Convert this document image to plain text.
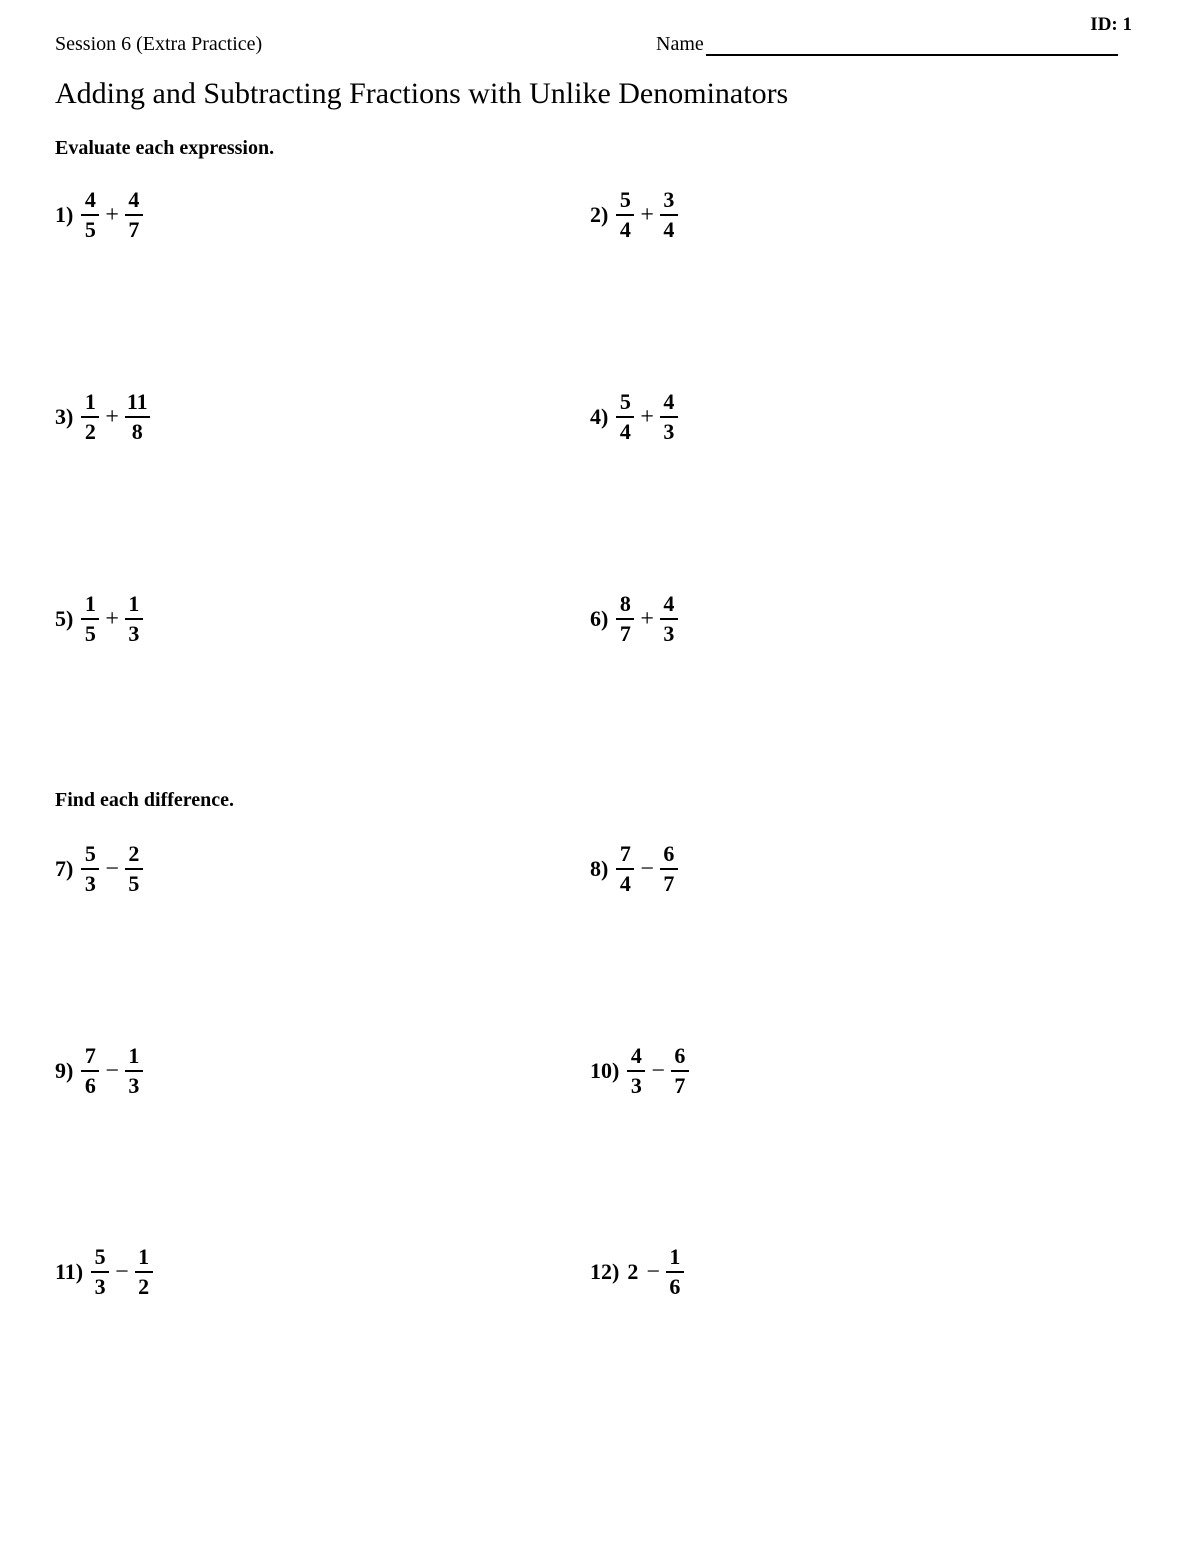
ID: 1
Session 6 (Extra Practice)	Name
Adding and Subtracting Fractions with Unlike Denominators
Evaluate each expression.
$1) \frac{4}{5} + \frac{4}{7}$	$2) \frac{5}{4} + \frac{3}{4}$
$3) \frac{1}{2} + \frac{11}{8}$	$4) \frac{5}{4} + \frac{4}{3}$
$5) \frac{1}{5} + \frac{1}{3}$	$6) \frac{8}{7} + \frac{4}{3}$
Find each difference.
$7) \frac{5}{3} - \frac{2}{5}$	$8) \frac{7}{4} - \frac{6}{7}$
$9) \frac{7}{6} - \frac{1}{3}$	$10) \frac{4}{3} - \frac{6}{7}$
$11) \frac{5}{3} - \frac{1}{2}$	12) $2 - \frac{1}{6}$
